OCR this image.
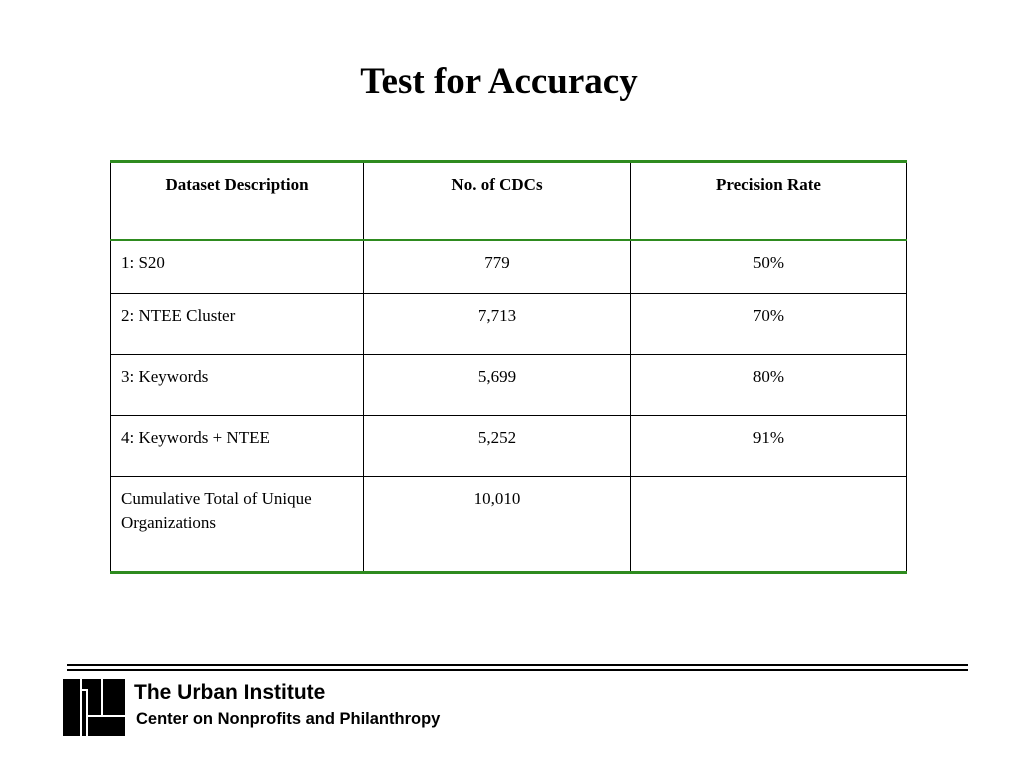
Test for Accuracy
Dataset Description	No. of CDCs	Precision Rate
1: S20	779	50%
2: NTEE Cluster	7,713	70%
3: Keywords	5,699	80%
4: Keywords + NTEE	5,252	91%
Cumulative Total of Unique Organizations	10,010	
The Urban Institute
Center on Nonprofits and Philanthropy
